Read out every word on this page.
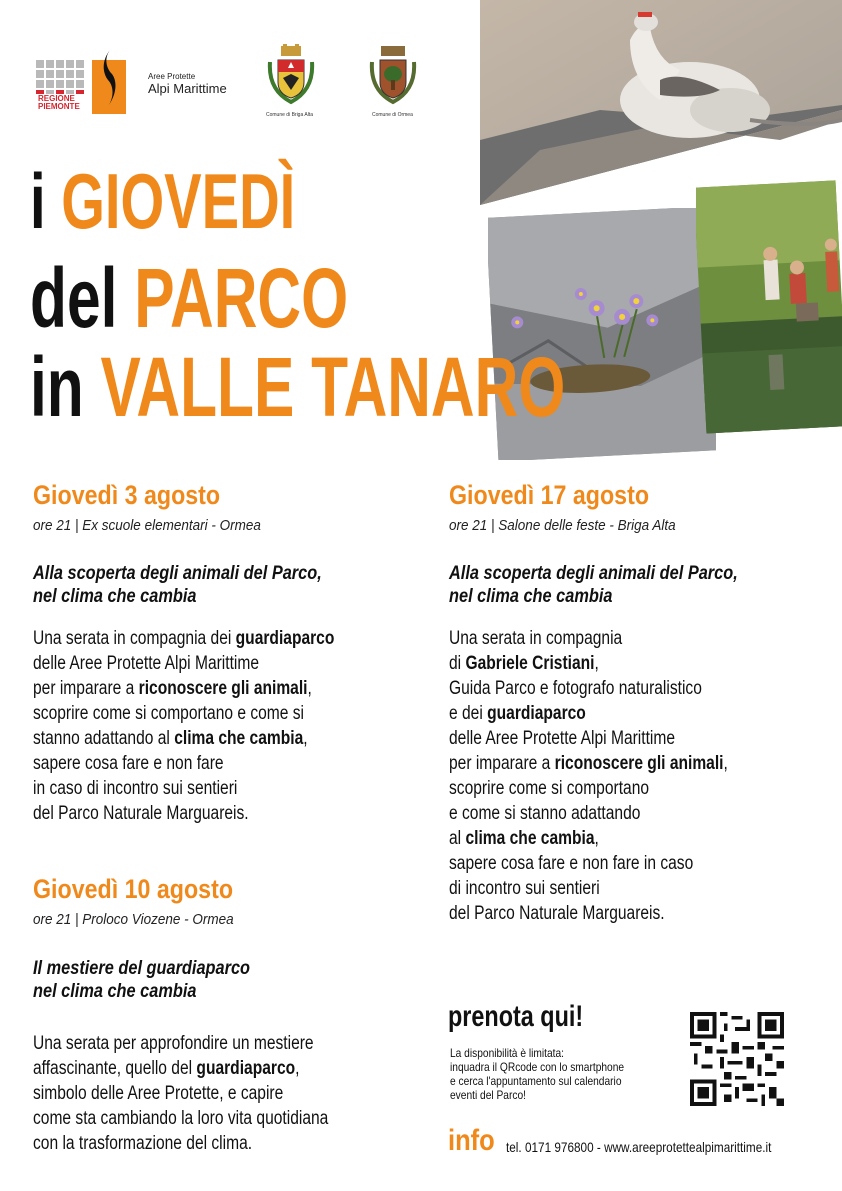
REGIONE PIEMONTE
Aree Protette
Alpi Marittime
Comune di Briga Alta	Comune di Ormea
i GIOVEDÌ
del PARCO
in VALLE TANARO
Giovedì 3 agosto
ore 21 | Ex scuole elementari - Ormea
Alla scoperta degli animali del Parco,
nel clima che cambia
Una serata in compagnia dei guardiaparco
delle Aree Protette Alpi Marittime
per imparare a riconoscere gli animali,
scoprire come si comportano e come si
stanno adattando al clima che cambia,
sapere cosa fare e non fare
in caso di incontro sui sentieri
del Parco Naturale Marguareis.
Giovedì 10 agosto
ore 21 | Proloco Viozene - Ormea
Il mestiere del guardiaparco
nel clima che cambia
Una serata per approfondire un mestiere
affascinante, quello del guardiaparco,
simbolo delle Aree Protette, e capire
come sta cambiando la loro vita quotidiana
con la trasformazione del clima.
Giovedì 17 agosto
ore 21 | Salone delle feste - Briga Alta
Alla scoperta degli animali del Parco,
nel clima che cambia
Una serata in compagnia
di Gabriele Cristiani,
Guida Parco e fotografo naturalistico
e dei guardiaparco
delle Aree Protette Alpi Marittime
per imparare a riconoscere gli animali,
scoprire come si comportano
e come si stanno adattando
al clima che cambia,
sapere cosa fare e non fare in caso
di incontro sui sentieri
del Parco Naturale Marguareis.
prenota qui!
La disponibilità è limitata:
inquadra il QRcode con lo smartphone
e cerca l'appuntamento sul calendario
eventi del Parco!
info tel. 0171 976800 - www.areeprotettealpimarittime.it
